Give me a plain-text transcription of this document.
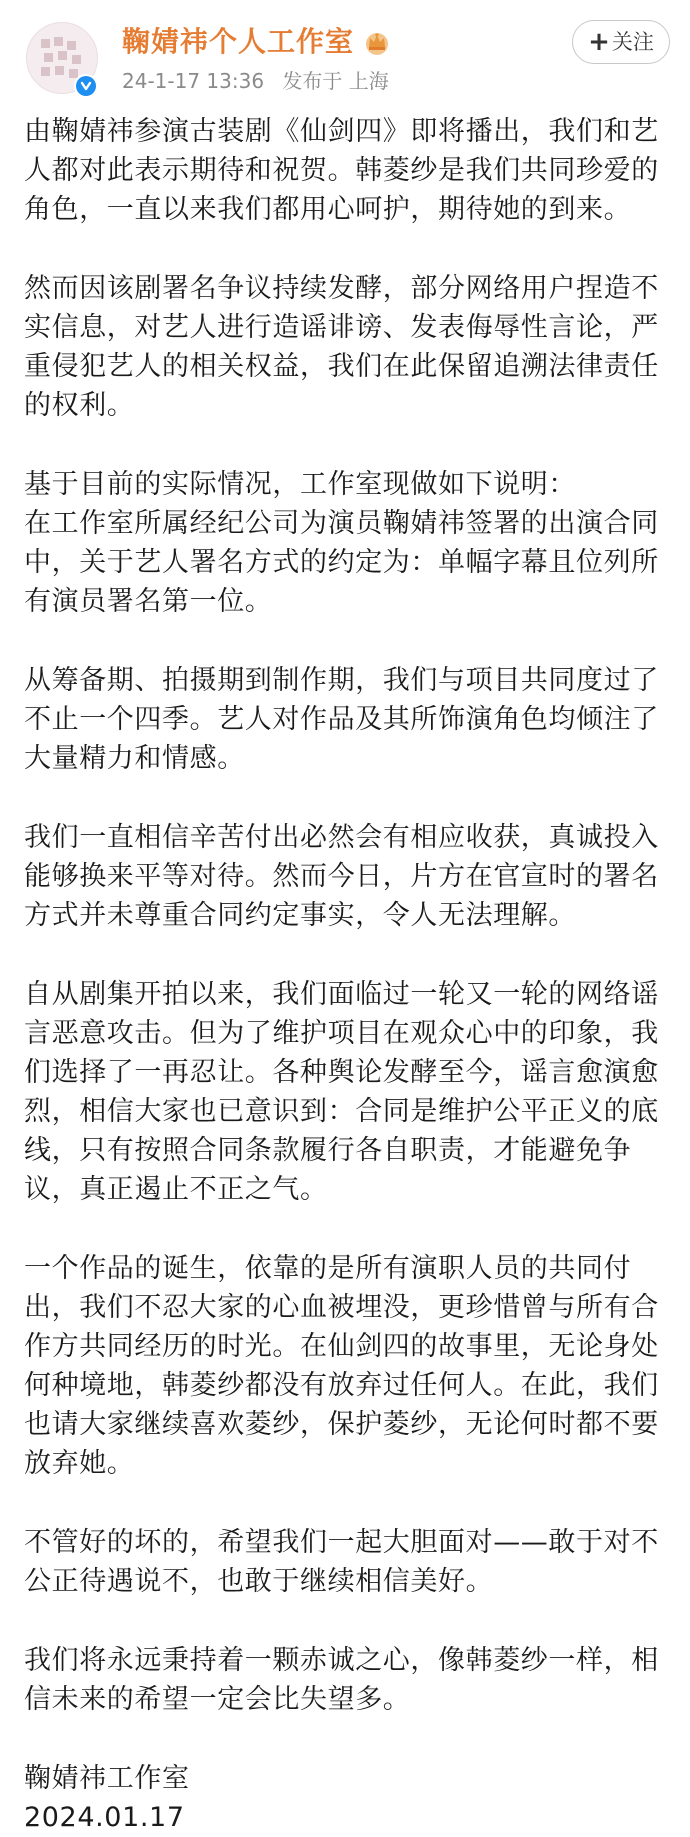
鞠婧祎个人工作室
24-1-17 13:36 发布于 上海
+ 关注

由鞠婧祎参演古装剧《仙剑四》即将播出，我们和艺人都对此表示期待和祝贺。韩菱纱是我们共同珍爱的角色，一直以来我们都用心呵护，期待她的到来。

然而因该剧署名争议持续发酵，部分网络用户捏造不实信息，对艺人进行造谣诽谤、发表侮辱性言论，严重侵犯艺人的相关权益，我们在此保留追溯法律责任的权利。

基于目前的实际情况，工作室现做如下说明：
在工作室所属经纪公司为演员鞠婧祎签署的出演合同中，关于艺人署名方式的约定为：单幅字幕且位列所有演员署名第一位。

从筹备期、拍摄期到制作期，我们与项目共同度过了不止一个四季。艺人对作品及其所饰演角色均倾注了大量精力和情感。

我们一直相信辛苦付出必然会有相应收获，真诚投入能够换来平等对待。然而今日，片方在官宣时的署名方式并未尊重合同约定事实，令人无法理解。

自从剧集开拍以来，我们面临过一轮又一轮的网络谣言恶意攻击。但为了维护项目在观众心中的印象，我们选择了一再忍让。各种舆论发酵至今，谣言愈演愈烈，相信大家也已意识到：合同是维护公平正义的底线，只有按照合同条款履行各自职责，才能避免争议，真正遏止不正之气。

一个作品的诞生，依靠的是所有演职人员的共同付出，我们不忍大家的心血被埋没，更珍惜曾与所有合作方共同经历的时光。在仙剑四的故事里，无论身处何种境地，韩菱纱都没有放弃过任何人。在此，我们也请大家继续喜欢菱纱，保护菱纱，无论何时都不要放弃她。

不管好的坏的，希望我们一起大胆面对——敢于对不公正待遇说不，也敢于继续相信美好。

我们将永远秉持着一颗赤诚之心，像韩菱纱一样，相信未来的希望一定会比失望多。

鞠婧祎工作室
2024.01.17
